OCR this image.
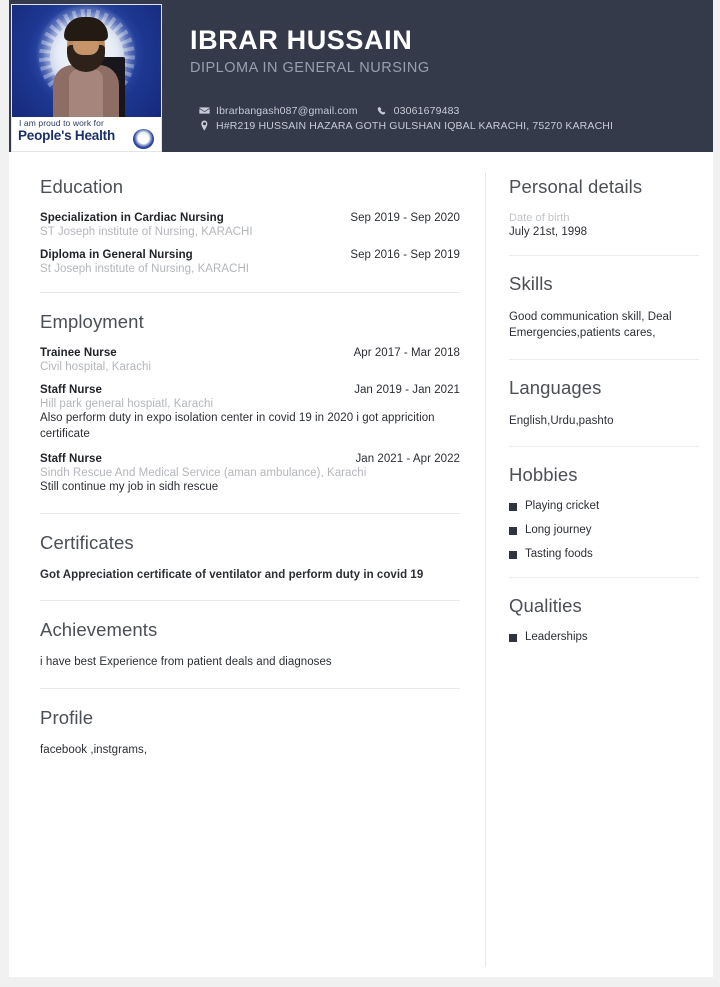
I am proud to work for
People's Health
IBRAR HUSSAIN
DIPLOMA IN GENERAL NURSING
Ibrarbangash087@gmail.com	03061679483
H#R219 HUSSAIN HAZARA GOTH GULSHAN IQBAL KARACHI, 75270 KARACHI
Education
Specialization in Cardiac Nursing	Sep 2019 - Sep 2020
ST Joseph institute of Nursing, KARACHI
Diploma in General Nursing	Sep 2016 - Sep 2019
St Joseph institute of Nursing, KARACHI
Employment
Trainee Nurse	Apr 2017 - Mar 2018
Civil hospital, Karachi
Staff Nurse	Jan 2019 - Jan 2021
Hill park general hospiatl, Karachi
Also perform duty in expo isolation center in covid 19 in 2020 i got appricition certificate
Staff Nurse	Jan 2021 - Apr 2022
Sindh Rescue And Medical Service (aman ambulance), Karachi
Still continue my job in sidh rescue
Certificates
Got Appreciation certificate of ventilator and perform duty in covid 19
Achievements
i have best Experience from patient deals and diagnoses
Profile
facebook ,instgrams,
Personal details
Date of birth
July 21st, 1998
Skills
Good communication skill, Deal Emergencies,patients cares,
Languages
English,Urdu,pashto
Hobbies
Playing cricket
Long journey
Tasting foods
Qualities
Leaderships
